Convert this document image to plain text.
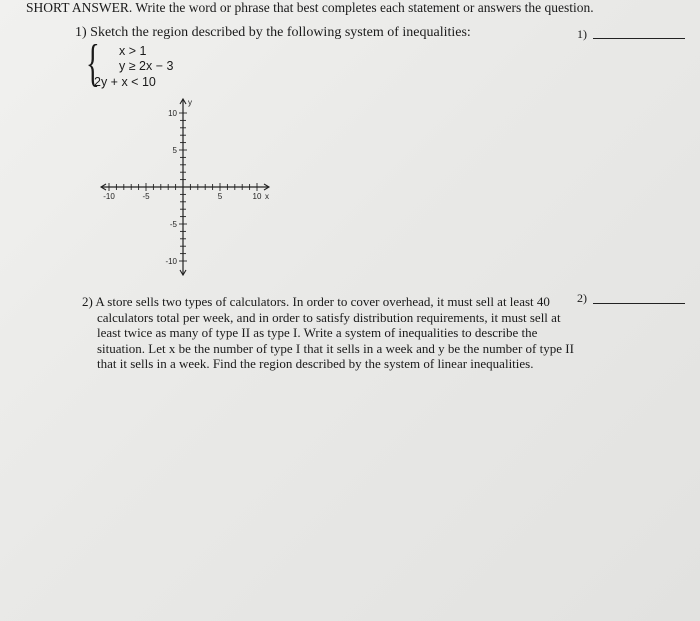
SHORT ANSWER. Write the word or phrase that best completes each statement or answers the question.
1) Sketch the region described by the following system of inequalities:
{ x > 1
y ≥ 2x − 3
2y + x < 10
1)
-10	-5	5	10 x
10
5
-5
-10
y
2)
2) A store sells two types of calculators. In order to cover overhead, it must sell at least 40
calculators total per week, and in order to satisfy distribution requirements, it must sell at
least twice as many of type II as type I. Write a system of inequalities to describe the
situation. Let x be the number of type I that it sells in a week and y be the number of type II
that it sells in a week. Find the region described by the system of linear inequalities.
